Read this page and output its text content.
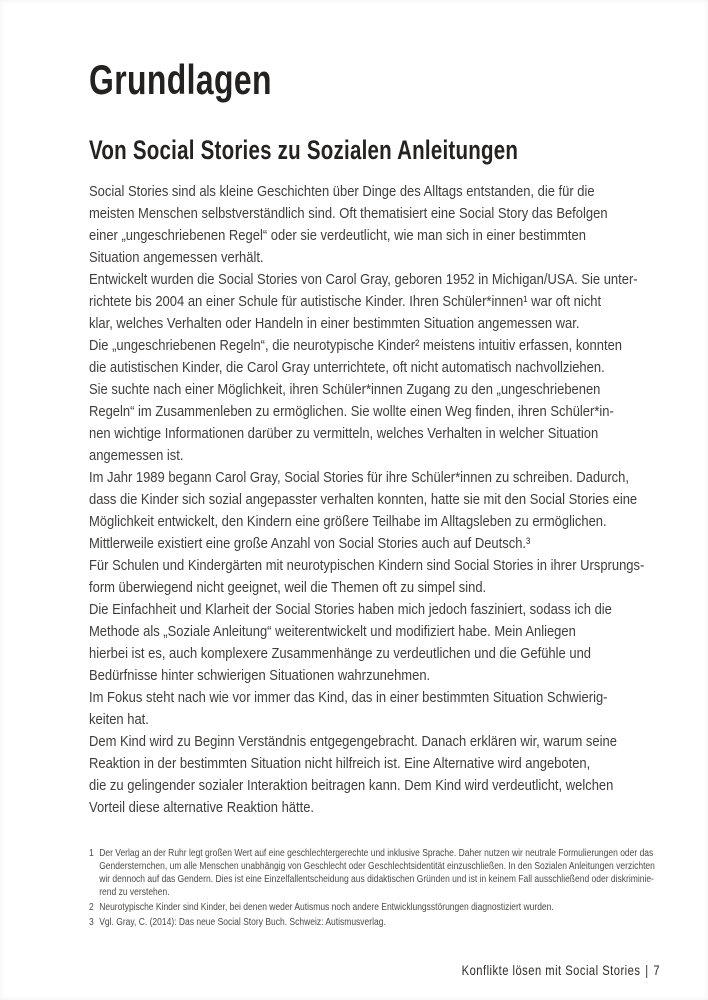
Grundlagen
Von Social Stories zu Sozialen Anleitungen

Social Stories sind als kleine Geschichten über Dinge des Alltags entstanden, die für die
meisten Menschen selbstverständlich sind. Oft thematisiert eine Social Story das Befolgen
einer „ungeschriebenen Regel“ oder sie verdeutlicht, wie man sich in einer bestimmten
Situation angemessen verhält.

Entwickelt wurden die Social Stories von Carol Gray, geboren 1952 in Michigan/USA. Sie unter-
richtete bis 2004 an einer Schule für autistische Kinder. Ihren Schüler*innen¹ war oft nicht
klar, welches Verhalten oder Handeln in einer bestimmten Situation angemessen war.

Die „ungeschriebenen Regeln“, die neurotypische Kinder² meistens intuitiv erfassen, konnten
die autistischen Kinder, die Carol Gray unterrichtete, oft nicht automatisch nachvollziehen.

Sie suchte nach einer Möglichkeit, ihren Schüler*innen Zugang zu den „ungeschriebenen
Regeln“ im Zusammenleben zu ermöglichen. Sie wollte einen Weg finden, ihren Schüler*in-
nen wichtige Informationen darüber zu vermitteln, welches Verhalten in welcher Situation
angemessen ist.

Im Jahr 1989 begann Carol Gray, Social Stories für ihre Schüler*innen zu schreiben. Dadurch,
dass die Kinder sich sozial angepasster verhalten konnten, hatte sie mit den Social Stories eine
Möglichkeit entwickelt, den Kindern eine größere Teilhabe im Alltagsleben zu ermöglichen.
Mittlerweile existiert eine große Anzahl von Social Stories auch auf Deutsch.³

Für Schulen und Kindergärten mit neurotypischen Kindern sind Social Stories in ihrer Ursprungs-
form überwiegend nicht geeignet, weil die Themen oft zu simpel sind.

Die Einfachheit und Klarheit der Social Stories haben mich jedoch fasziniert, sodass ich die
Methode als „Soziale Anleitung“ weiterentwickelt und modifiziert habe. Mein Anliegen
hierbei ist es, auch komplexere Zusammenhänge zu verdeutlichen und die Gefühle und
Bedürfnisse hinter schwierigen Situationen wahrzunehmen.

Im Fokus steht nach wie vor immer das Kind, das in einer bestimmten Situation Schwierig-
keiten hat.

Dem Kind wird zu Beginn Verständnis entgegengebracht. Danach erklären wir, warum seine
Reaktion in der bestimmten Situation nicht hilfreich ist. Eine Alternative wird angeboten,
die zu gelingender sozialer Interaktion beitragen kann. Dem Kind wird verdeutlicht, welchen
Vorteil diese alternative Reaktion hätte.

1 Der Verlag an der Ruhr legt großen Wert auf eine geschlechtergerechte und inklusive Sprache. Daher nutzen wir neutrale Formulierungen oder das
Gendersternchen, um alle Menschen unabhängig von Geschlecht oder Geschlechtsidentität einzuschließen. In den Sozialen Anleitungen verzichten
wir dennoch auf das Gendern. Dies ist eine Einzelfallentscheidung aus didaktischen Gründen und ist in keinem Fall ausschließend oder diskriminie-
rend zu verstehen.
2 Neurotypische Kinder sind Kinder, bei denen weder Autismus noch andere Entwicklungsstörungen diagnostiziert wurden.
3 Vgl. Gray, C. (2014): Das neue Social Story Buch. Schweiz: Autismusverlag.
Konflikte lösen mit Social Stories | 7
